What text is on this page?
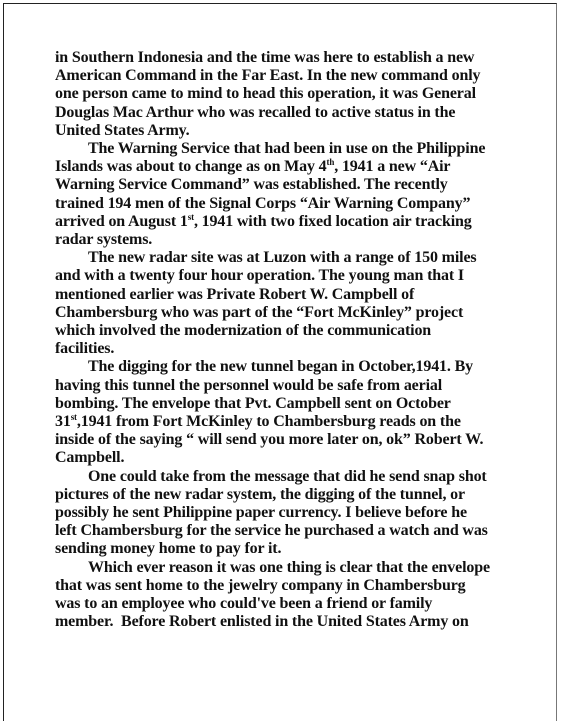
in Southern Indonesia and the time was here to establish a new
American Command in the Far East. In the new command only
one person came to mind to head this operation, it was General
Douglas Mac Arthur who was recalled to active status in the
United States Army.
The Warning Service that had been in use on the Philippine
Islands was about to change as on May 4th, 1941 a new “Air
Warning Service Command” was established. The recently
trained 194 men of the Signal Corps “Air Warning Company”
arrived on August 1st, 1941 with two fixed location air tracking
radar systems.
The new radar site was at Luzon with a range of 150 miles
and with a twenty four hour operation. The young man that I
mentioned earlier was Private Robert W. Campbell of
Chambersburg who was part of the “Fort McKinley” project
which involved the modernization of the communication
facilities.
The digging for the new tunnel began in October,1941. By
having this tunnel the personnel would be safe from aerial
bombing. The envelope that Pvt. Campbell sent on October
31st,1941 from Fort McKinley to Chambersburg reads on the
inside of the saying “ will send you more later on, ok” Robert W.
Campbell.
One could take from the message that did he send snap shot
pictures of the new radar system, the digging of the tunnel, or
possibly he sent Philippine paper currency. I believe before he
left Chambersburg for the service he purchased a watch and was
sending money home to pay for it.
Which ever reason it was one thing is clear that the envelope
that was sent home to the jewelry company in Chambersburg
was to an employee who could've been a friend or family
member.  Before Robert enlisted in the United States Army on
